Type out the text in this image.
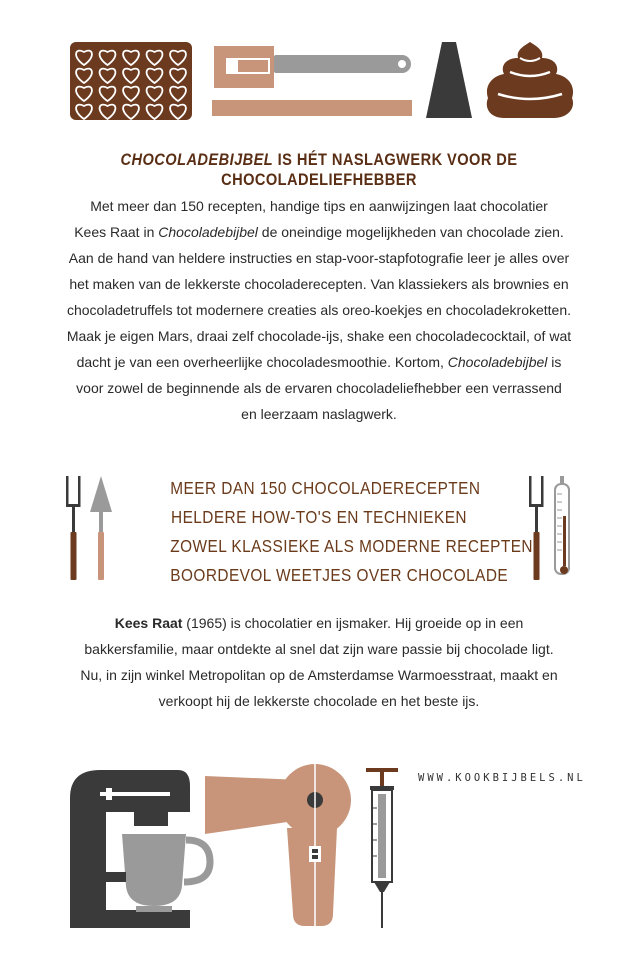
CHOCOLADEBIJBEL IS HÉT NASLAGWERK VOOR DE CHOCOLADELIEFHEBBER
Met meer dan 150 recepten, handige tips en aanwijzingen laat chocolatier
Kees Raat in Chocoladebijbel de oneindige mogelijkheden van chocolade zien.
Aan de hand van heldere instructies en stap-voor-stapfotografie leer je alles over
het maken van de lekkerste chocoladerecepten. Van klassiekers als brownies en
chocoladetruffels tot modernere creaties als oreo-koekjes en chocoladekroketten.
Maak je eigen Mars, draai zelf chocolade-ijs, shake een chocoladecocktail, of wat
dacht je van een overheerlijke chocoladesmoothie. Kortom, Chocoladebijbel is
voor zowel de beginnende als de ervaren chocoladeliefhebber een verrassend
en leerzaam naslagwerk.
MEER DAN 150 CHOCOLADERECEPTEN
HELDERE HOW-TO'S EN TECHNIEKEN
ZOWEL KLASSIEKE ALS MODERNE RECEPTEN
BOORDEVOL WEETJES OVER CHOCOLADE
Kees Raat (1965) is chocolatier en ijsmaker. Hij groeide op in een
bakkersfamilie, maar ontdekte al snel dat zijn ware passie bij chocolade ligt.
Nu, in zijn winkel Metropolitan op de Amsterdamse Warmoesstraat, maakt en
verkoopt hij de lekkerste chocolade en het beste ijs.
WWW.KOOKBIJBELS.NL
